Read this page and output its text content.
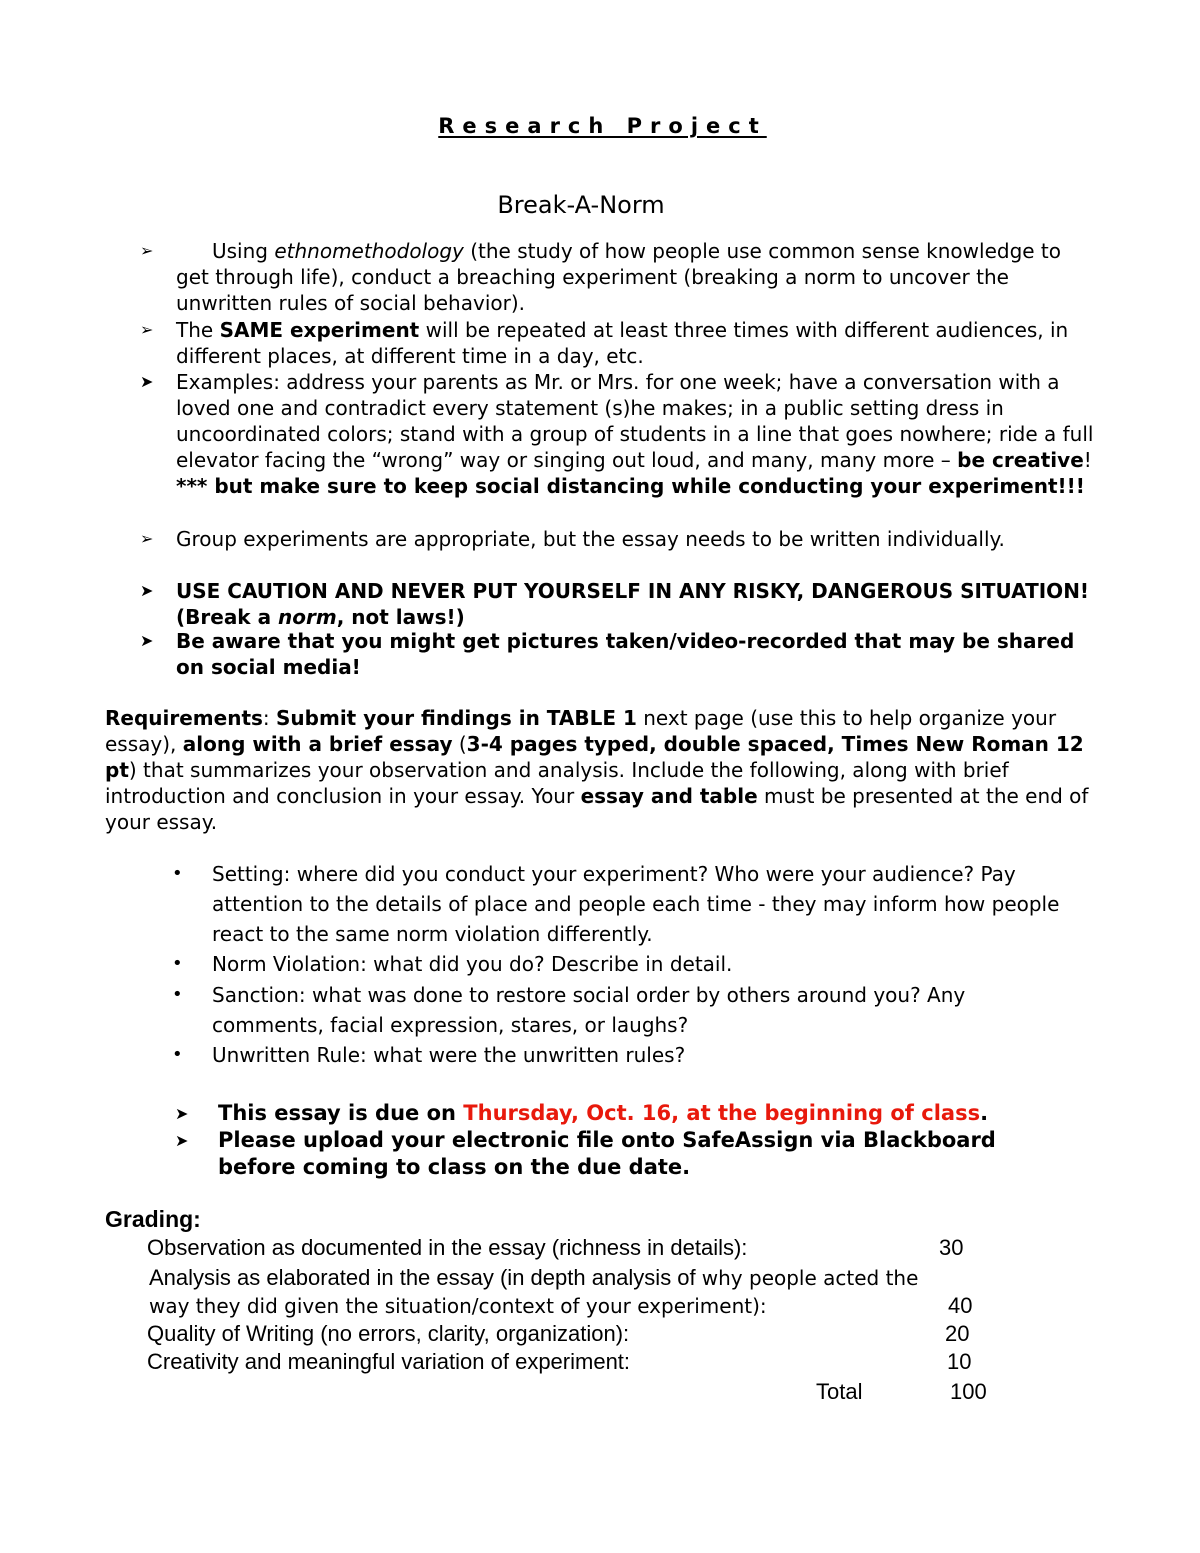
Research Project
Break-A-Norm
➢	Using ethnomethodology (the study of how people use common sense knowledge to get through life), conduct a breaching experiment (breaking a norm to uncover the unwritten rules of social behavior).
➢	The SAME experiment will be repeated at least three times with different audiences, in different places, at different time in a day, etc.
➤	Examples: address your parents as Mr. or Mrs. for one week; have a conversation with a loved one and contradict every statement (s)he makes; in a public setting dress in uncoordinated colors; stand with a group of students in a line that goes nowhere; ride a full elevator facing the “wrong” way or singing out loud, and many, many more – be creative! *** but make sure to keep social distancing while conducting your experiment!!!
➢	Group experiments are appropriate, but the essay needs to be written individually.
➤	USE CAUTION AND NEVER PUT YOURSELF IN ANY RISKY, DANGEROUS SITUATION! (Break a norm, not laws!)
➤	Be aware that you might get pictures taken/video-recorded that may be shared on social media!
Requirements: Submit your findings in TABLE 1 next page (use this to help organize your essay), along with a brief essay (3-4 pages typed, double spaced, Times New Roman 12 pt) that summarizes your observation and analysis. Include the following, along with brief introduction and conclusion in your essay. Your essay and table must be presented at the end of your essay.
•	Setting: where did you conduct your experiment? Who were your audience? Pay attention to the details of place and people each time - they may inform how people react to the same norm violation differently.
•	Norm Violation: what did you do? Describe in detail.
•	Sanction: what was done to restore social order by others around you? Any comments, facial expression, stares, or laughs?
•	Unwritten Rule: what were the unwritten rules?
➤	This essay is due on Thursday, Oct. 16, at the beginning of class.
➤	Please upload your electronic file onto SafeAssign via Blackboard before coming to class on the due date.
Grading:
Observation as documented in the essay (richness in details):	30
Analysis as elaborated in the essay (in depth analysis of why people acted the
way they did given the situation/context of your experiment):	40
Quality of Writing (no errors, clarity, organization):	20
Creativity and meaningful variation of experiment:	10
Total	100
